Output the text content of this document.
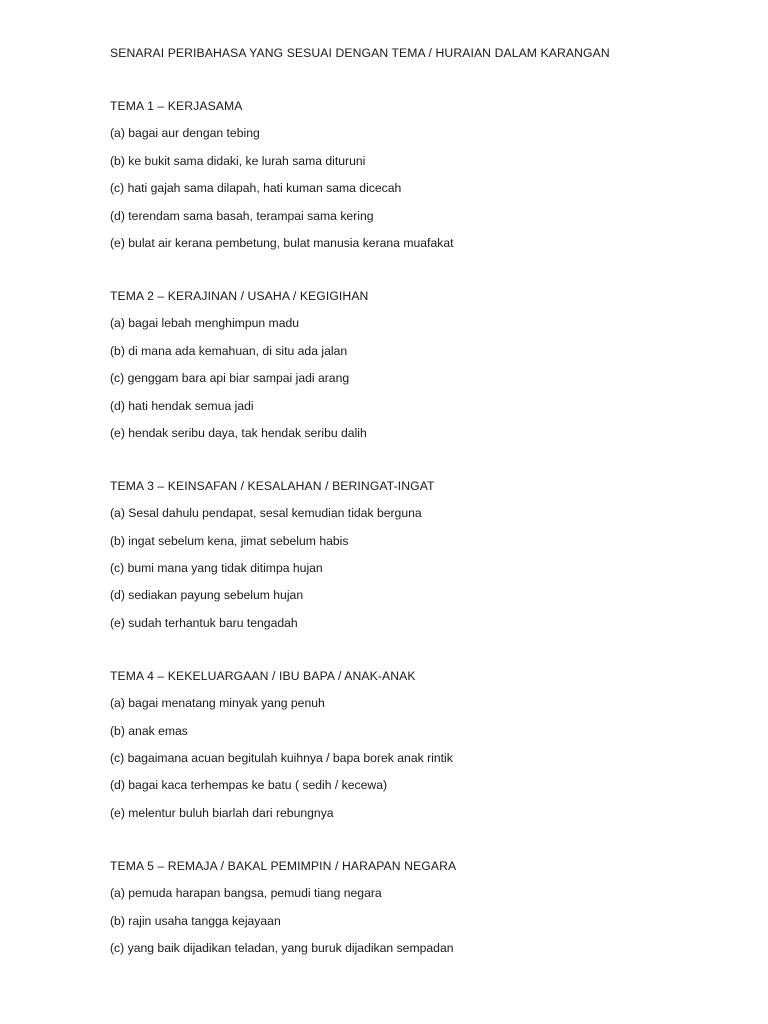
SENARAI PERIBAHASA YANG SESUAI DENGAN TEMA / HURAIAN DALAM KARANGAN
TEMA 1 – KERJASAMA
(a) bagai aur dengan tebing
(b) ke bukit sama didaki, ke lurah sama dituruni
(c) hati gajah sama dilapah, hati kuman sama dicecah
(d) terendam sama basah, terampai sama kering
(e) bulat air kerana pembetung, bulat manusia kerana muafakat
TEMA 2 – KERAJINAN / USAHA / KEGIGIHAN
(a) bagai lebah menghimpun madu
(b) di mana ada kemahuan, di situ ada jalan
(c) genggam bara api biar sampai jadi arang
(d) hati hendak semua jadi
(e) hendak seribu daya, tak hendak seribu dalih
TEMA 3 – KEINSAFAN / KESALAHAN / BERINGAT-INGAT
(a) Sesal dahulu pendapat, sesal kemudian tidak berguna
(b) ingat sebelum kena, jimat sebelum habis
(c) bumi mana yang tidak ditimpa hujan
(d) sediakan payung sebelum hujan
(e) sudah terhantuk baru tengadah
TEMA 4 – KEKELUARGAAN / IBU BAPA / ANAK-ANAK
(a) bagai menatang minyak yang penuh
(b) anak emas
(c) bagaimana acuan begitulah kuihnya / bapa borek anak rintik
(d) bagai kaca terhempas ke batu ( sedih / kecewa)
(e) melentur buluh biarlah dari rebungnya
TEMA 5 – REMAJA / BAKAL PEMIMPIN / HARAPAN NEGARA
(a) pemuda harapan bangsa, pemudi tiang negara
(b) rajin usaha tangga kejayaan
(c) yang baik dijadikan teladan, yang buruk dijadikan sempadan
